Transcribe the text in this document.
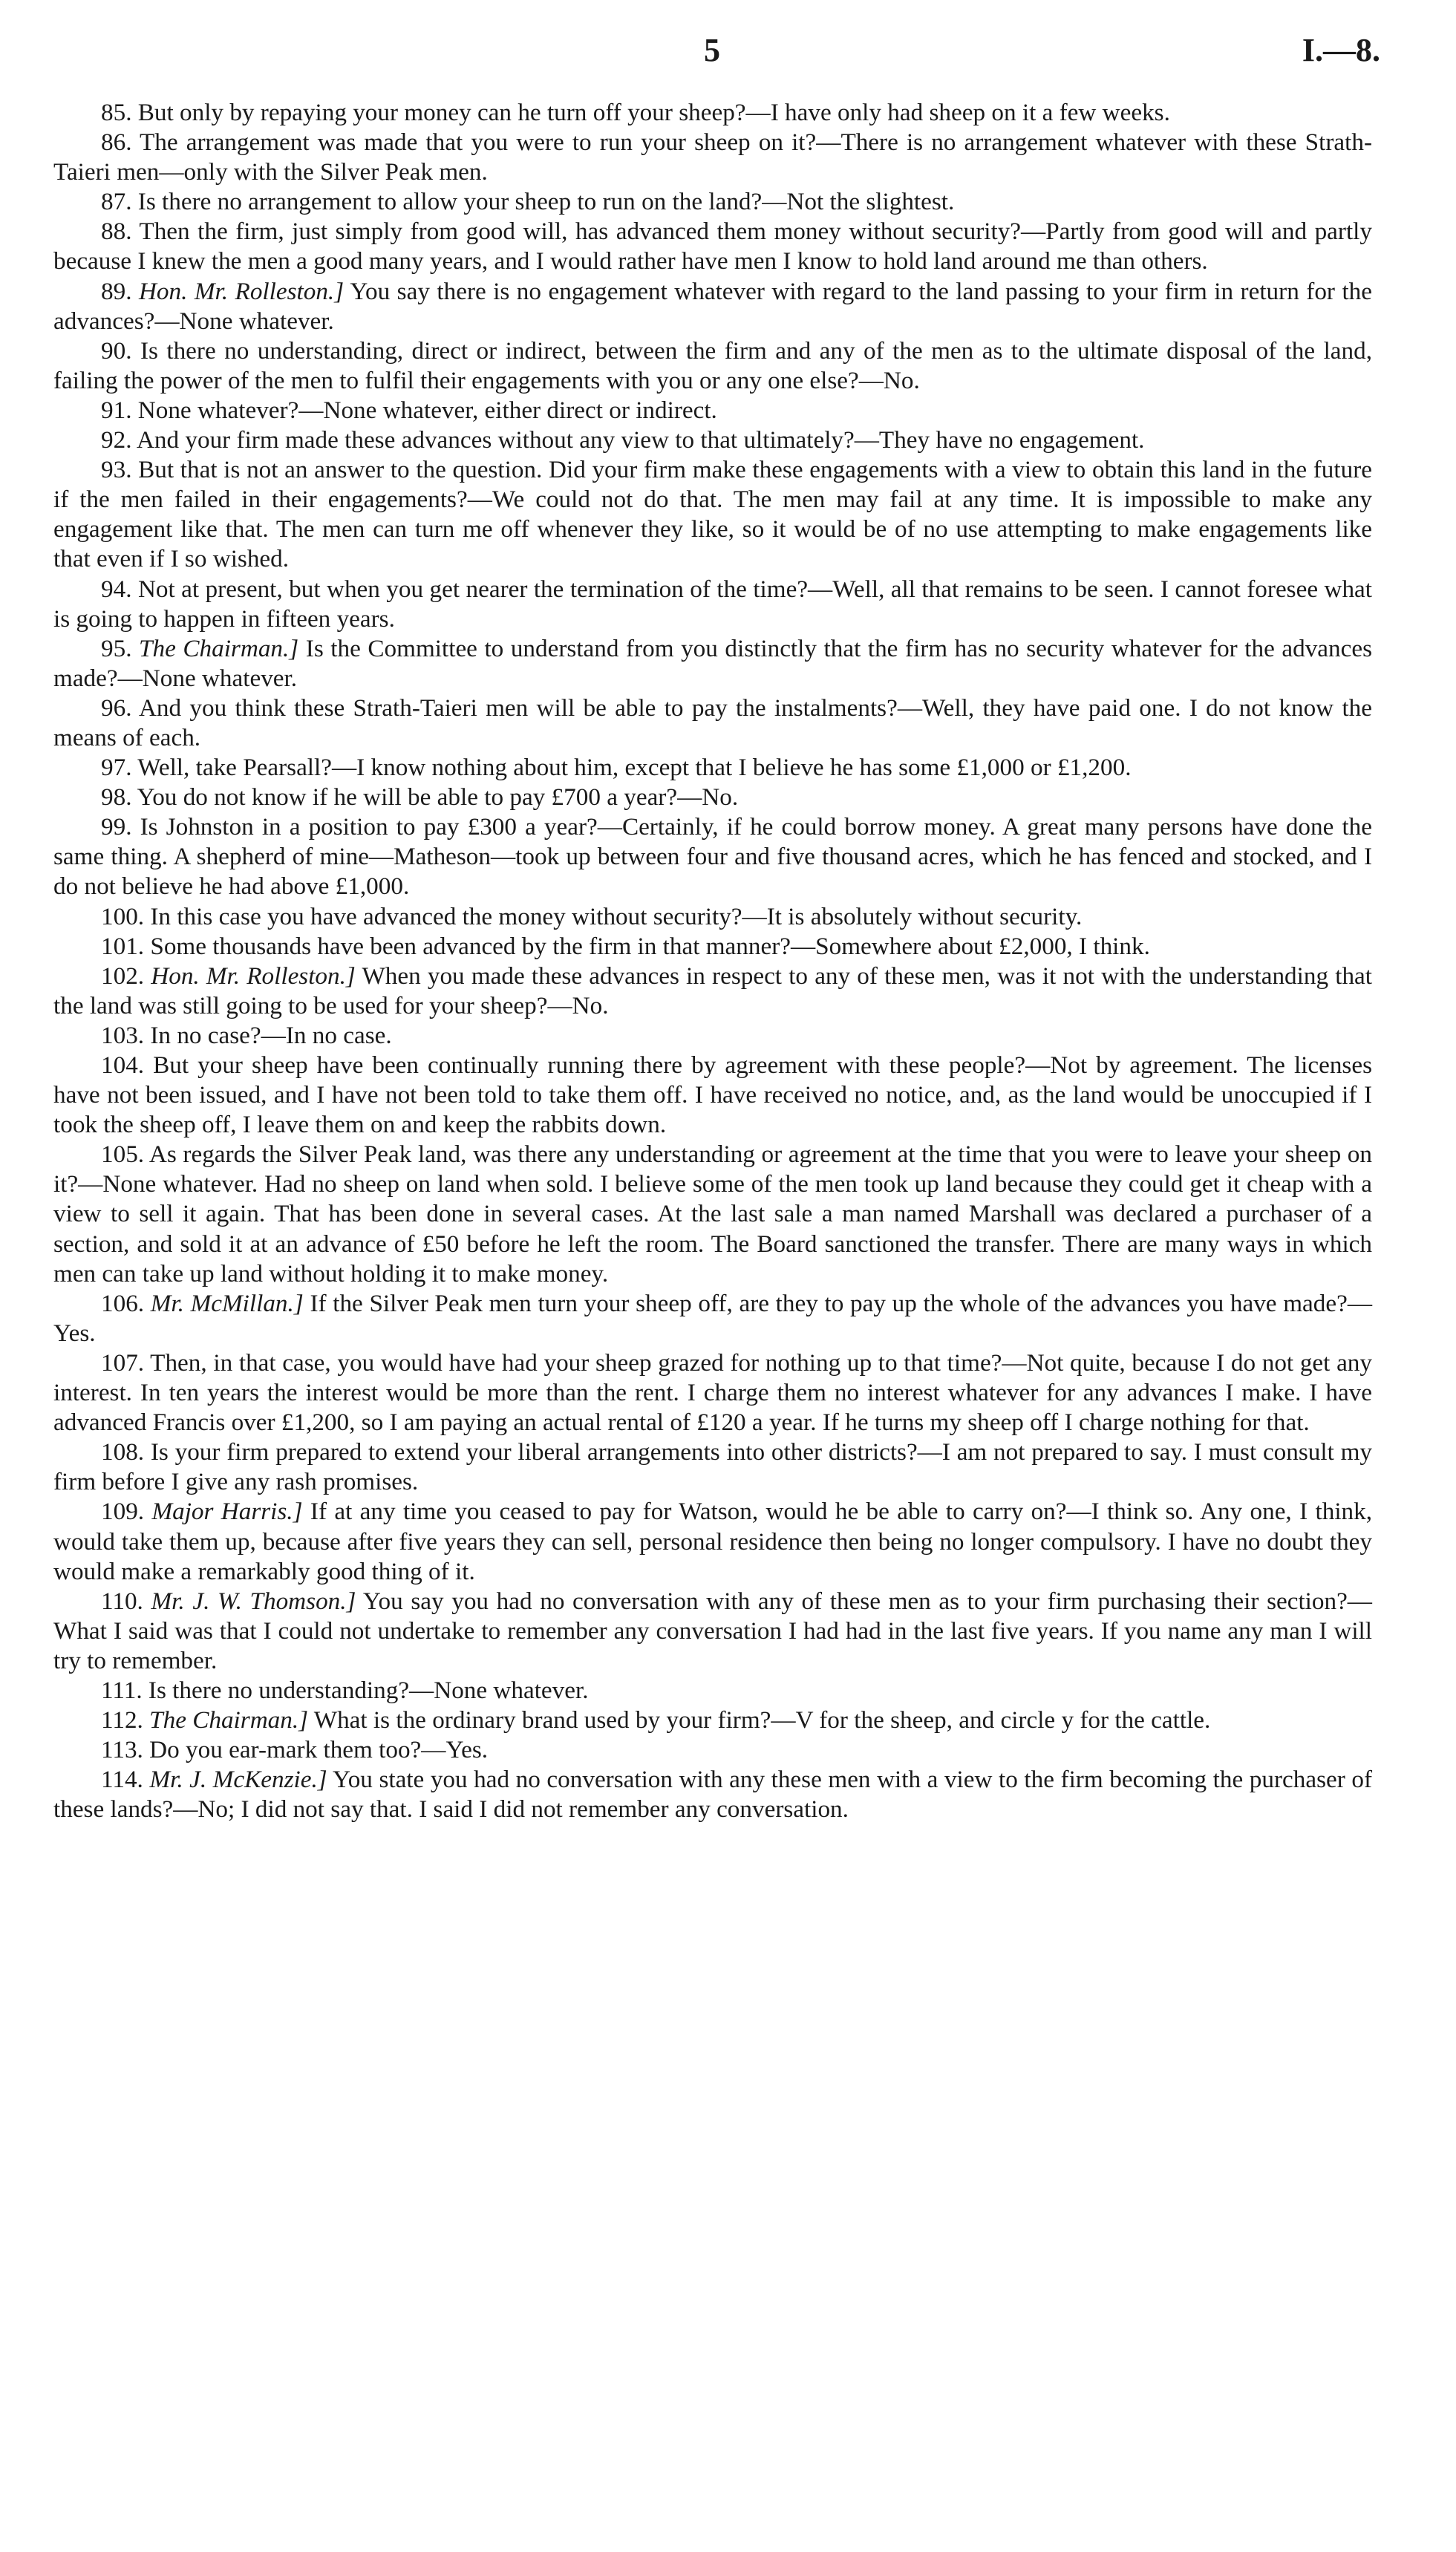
5	I.—8.

85. But only by repaying your money can he turn off your sheep?—I have only had sheep on it a few weeks.

86. The arrangement was made that you were to run your sheep on it?—There is no arrangement whatever with these Strath-Taieri men—only with the Silver Peak men.

87. Is there no arrangement to allow your sheep to run on the land?—Not the slightest.

88. Then the firm, just simply from good will, has advanced them money without security?—Partly from good will and partly because I knew the men a good many years, and I would rather have men I know to hold land around me than others.

89. Hon. Mr. Rolleston.] You say there is no engagement whatever with regard to the land passing to your firm in return for the advances?—None whatever.

90. Is there no understanding, direct or indirect, between the firm and any of the men as to the ultimate disposal of the land, failing the power of the men to fulfil their engagements with you or any one else?—No.

91. None whatever?—None whatever, either direct or indirect.

92. And your firm made these advances without any view to that ultimately?—They have no engagement.

93. But that is not an answer to the question. Did your firm make these engagements with a view to obtain this land in the future if the men failed in their engagements?—We could not do that. The men may fail at any time. It is impossible to make any engagement like that. The men can turn me off whenever they like, so it would be of no use attempting to make engagements like that even if I so wished.

94. Not at present, but when you get nearer the termination of the time?—Well, all that remains to be seen. I cannot foresee what is going to happen in fifteen years.

95. The Chairman.] Is the Committee to understand from you distinctly that the firm has no security whatever for the advances made?—None whatever.

96. And you think these Strath-Taieri men will be able to pay the instalments?—Well, they have paid one. I do not know the means of each.

97. Well, take Pearsall?—I know nothing about him, except that I believe he has some £1,000 or £1,200.

98. You do not know if he will be able to pay £700 a year?—No.

99. Is Johnston in a position to pay £300 a year?—Certainly, if he could borrow money. A great many persons have done the same thing. A shepherd of mine—Matheson—took up between four and five thousand acres, which he has fenced and stocked, and I do not believe he had above £1,000.

100. In this case you have advanced the money without security?—It is absolutely without security.

101. Some thousands have been advanced by the firm in that manner?—Somewhere about £2,000, I think.

102. Hon. Mr. Rolleston.] When you made these advances in respect to any of these men, was it not with the understanding that the land was still going to be used for your sheep?—No.

103. In no case?—In no case.

104. But your sheep have been continually running there by agreement with these people?—Not by agreement. The licenses have not been issued, and I have not been told to take them off. I have received no notice, and, as the land would be unoccupied if I took the sheep off, I leave them on and keep the rabbits down.

105. As regards the Silver Peak land, was there any understanding or agreement at the time that you were to leave your sheep on it?—None whatever. Had no sheep on land when sold. I believe some of the men took up land because they could get it cheap with a view to sell it again. That has been done in several cases. At the last sale a man named Marshall was declared a purchaser of a section, and sold it at an advance of £50 before he left the room. The Board sanctioned the transfer. There are many ways in which men can take up land without holding it to make money.

106. Mr. McMillan.] If the Silver Peak men turn your sheep off, are they to pay up the whole of the advances you have made?—Yes.

107. Then, in that case, you would have had your sheep grazed for nothing up to that time?—Not quite, because I do not get any interest. In ten years the interest would be more than the rent. I charge them no interest whatever for any advances I make. I have advanced Francis over £1,200, so I am paying an actual rental of £120 a year. If he turns my sheep off I charge nothing for that.

108. Is your firm prepared to extend your liberal arrangements into other districts?—I am not prepared to say. I must consult my firm before I give any rash promises.

109. Major Harris.] If at any time you ceased to pay for Watson, would he be able to carry on?—I think so. Any one, I think, would take them up, because after five years they can sell, personal residence then being no longer compulsory. I have no doubt they would make a remarkably good thing of it.

110. Mr. J. W. Thomson.] You say you had no conversation with any of these men as to your firm purchasing their section?—What I said was that I could not undertake to remember any conversation I had had in the last five years. If you name any man I will try to remember.

111. Is there no understanding?—None whatever.

112. The Chairman.] What is the ordinary brand used by your firm?—V for the sheep, and circle y for the cattle.

113. Do you ear-mark them too?—Yes.

114. Mr. J. McKenzie.] You state you had no conversation with any these men with a view to the firm becoming the purchaser of these lands?—No; I did not say that. I said I did not remember any conversation.
